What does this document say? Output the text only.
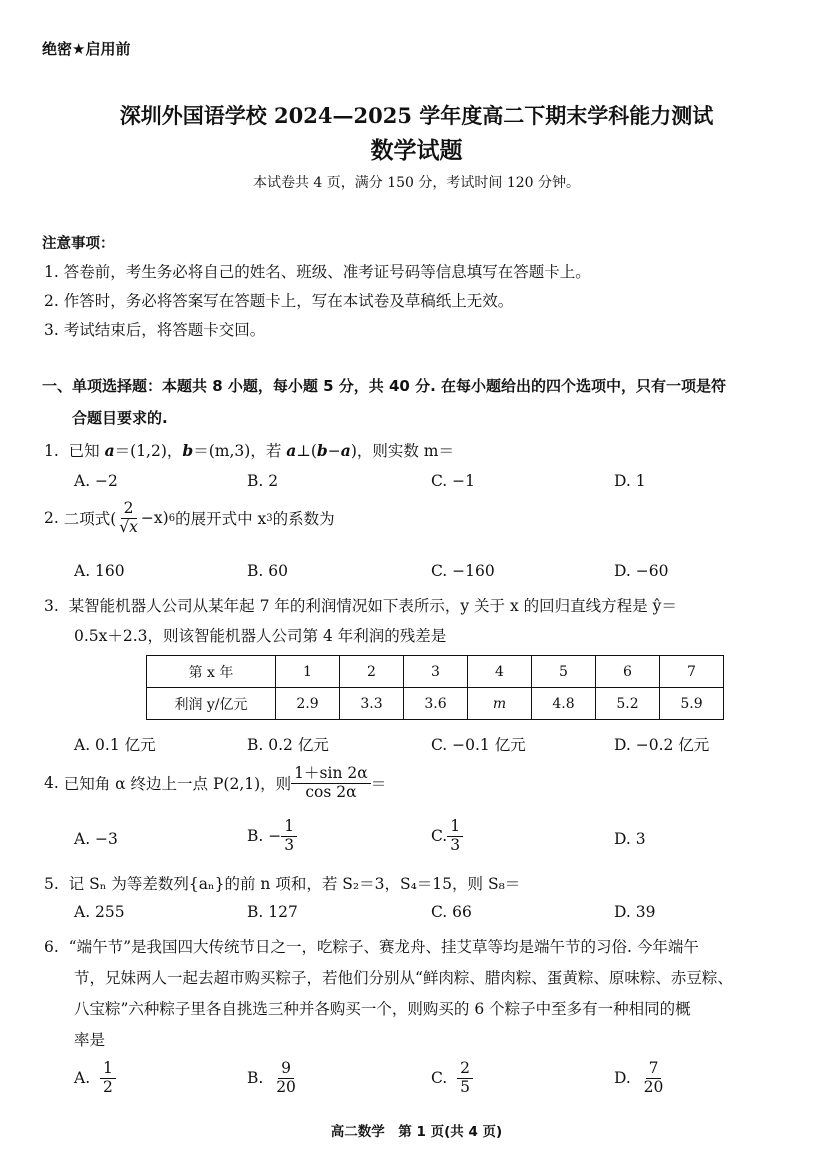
绝密★启用前
深圳外国语学校 2024—2025 学年度高二下期末学科能力测试
数学试题
本试卷共 4 页，满分 150 分，考试时间 120 分钟。
注意事项：
1. 答卷前，考生务必将自己的姓名、班级、准考证号码等信息填写在答题卡上。
2. 作答时，务必将答案写在答题卡上，写在本试卷及草稿纸上无效。
3. 考试结束后，将答题卡交回。
一、单项选择题：本题共 8 小题，每小题 5 分，共 40 分. 在每小题给出的四个选项中，只有一项是符
合题目要求的.
1. 已知 a＝(1,2)，b＝(m,3)，若 a⊥(b−a)，则实数 m＝
A. −2	B. 2	C. −1	D. 1
2.
二项式( $\frac{2}{√x} -x$) 6 的展开式中 x 3 的系数为
A. 160	B. 60	C. −160	D. −60
3. 某智能机器人公司从某年起 7 年的利润情况如下表所示，y 关于 x 的回归直线方程是 ŷ＝
0.5x＋2.3，则该智能机器人公司第 4 年利润的残差是
第 x 年	1	2	3	4	5	6	7
利润 y/亿元	2.9	3.3	3.6	m	4.8	5.2	5.9
A. 0.1 亿元	B. 0.2 亿元	C. −0.1 亿元	D. −0.2 亿元
4.
已知角 α 终边上一点 P(2,1)，则 $\frac{1+\sin 2\alpha}{\cos 2\alpha}$ ＝
A. −3	B. − $\frac{1}{3}$	C. $\frac{1}{3}$	D. 3
5. 记 Sₙ 为等差数列{aₙ}的前 n 项和，若 S₂＝3，S₄＝15，则 S₈＝
A. 255	B. 127	C. 66	D. 39
6. “端午节”是我国四大传统节日之一，吃粽子、赛龙舟、挂艾草等均是端午节的习俗. 今年端午
节，兄妹两人一起去超市购买粽子，若他们分别从“鲜肉粽、腊肉粽、蛋黄粽、原味粽、赤豆粽、
八宝粽”六种粽子里各自挑选三种并各购买一个，则购买的 6 个粽子中至多有一种相同的概
率是
A.
$\frac{1}{2}$	B.
$\frac{9}{20}$	C.
$\frac{2}{5}$	D.
$\frac{7}{20}$
高二数学　第 1 页(共 4 页)
